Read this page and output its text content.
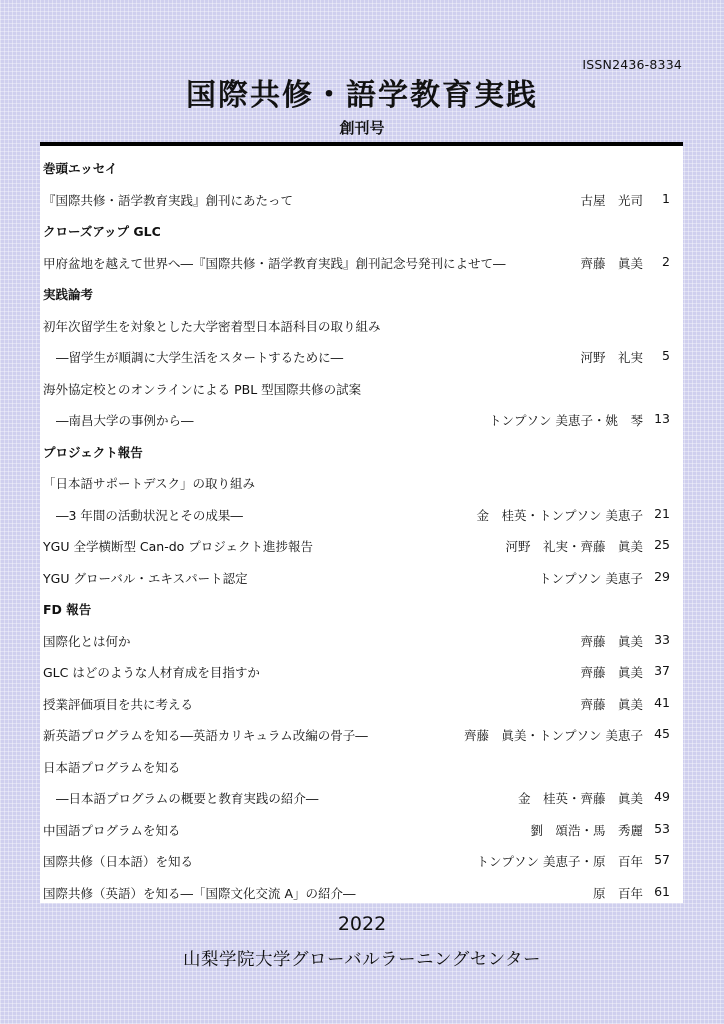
ISSN2436-8334
国際共修・語学教育実践
創刊号
巻頭エッセイ
『国際共修・語学教育実践』創刊にあたって	古屋　光司 1
クローズアップ GLC
甲府盆地を越えて世界へ―『国際共修・語学教育実践』創刊記念号発刊によせて―	齊藤　眞美 2
実践論考
初年次留学生を対象とした大学密着型日本語科目の取り組み
―留学生が順調に大学生活をスタートするために―	河野　礼実 5
海外協定校とのオンラインによる PBL 型国際共修の試案
―南昌大学の事例から―	トンプソン 美恵子・姚　琴 13
プロジェクト報告
「日本語サポートデスク」の取り組み
―3 年間の活動状況とその成果―	金　桂英・トンプソン 美恵子 21
YGU 全学横断型 Can-do プロジェクト進捗報告	河野　礼実・齊藤　眞美 25
YGU グローバル・エキスパート認定	トンプソン 美恵子 29
FD 報告
国際化とは何か	齊藤　眞美 33
GLC はどのような人材育成を目指すか	齊藤　眞美 37
授業評価項目を共に考える	齊藤　眞美 41
新英語プログラムを知る―英語カリキュラム改編の骨子―	齊藤　眞美・トンプソン 美恵子 45
日本語プログラムを知る
―日本語プログラムの概要と教育実践の紹介―	金　桂英・齊藤　眞美 49
中国語プログラムを知る	劉　頌浩・馬　秀麗 53
国際共修（日本語）を知る	トンプソン 美恵子・原　百年 57
国際共修（英語）を知る―「国際文化交流 A」の紹介―	原　百年 61
2022
山梨学院大学グローバルラーニングセンター
